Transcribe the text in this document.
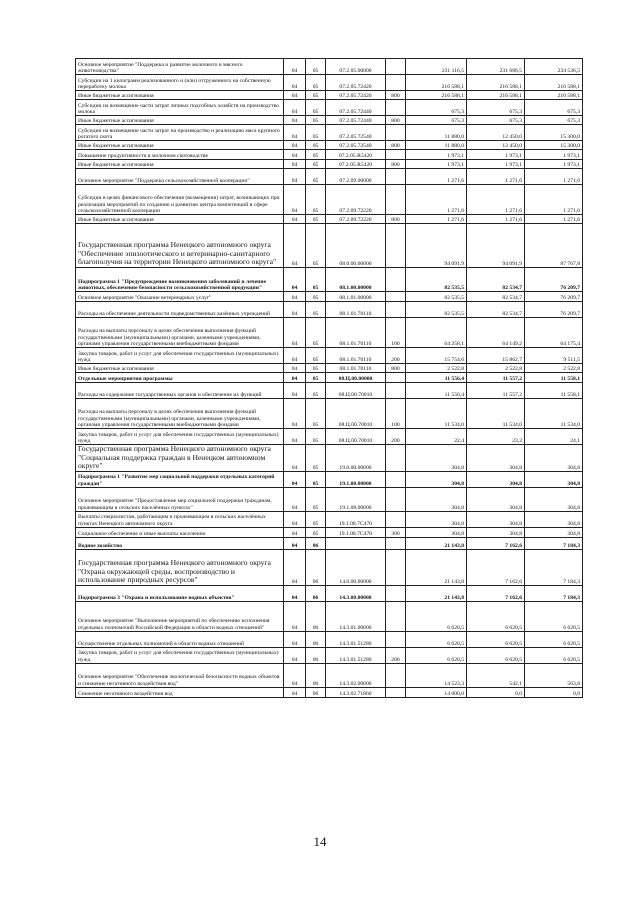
Основное мероприятие "Поддержка и развитие молочного и мясного животноводства"	04	05	07.2.05.00000		231 116,5	231 686,5	234 536,5
Субсидии на 1 килограмм реализованного и (или) отгруженного на собственную переработку молока	04	05	07.2.05.72420		216 588,1	216 588,1	216 588,1
Иные бюджетные ассигнования	04	05	07.2.05.72420	800	216 588,1	216 588,1	216 588,1
Субсидии на возмещение части затрат личных подсобных хозяйств на производство молока	04	05	07.2.05.72440		675,3	675,3	675,3
Иные бюджетные ассигнования	04	05	07.2.05.72440	800	675,3	675,3	675,3
Субсидии на возмещение части затрат на производство и реализацию мяса крупного рогатого скота	04	05	07.2.05.72540		11 880,0	12 450,0	15 300,0
Иные бюджетные ассигнования	04	05	07.2.05.72540	800	11 880,0	12 450,0	15 300,0
Повышение продуктивности в молочном скотоводстве	04	05	07.2.05.R5420		1 973,1	1 973,1	1 973,1
Иные бюджетные ассигнования	04	05	07.2.05.R5420	800	1 973,1	1 973,1	1 973,1
Основное мероприятие "Поддержка сельскохозяйственной кооперации"	04	05	07.2.09.00000		1 271,6	1 271,6	1 271,6
Субсидии в целях финансового обеспечения (возмещения) затрат, возникающих при реализации мероприятий по созданию и развитию центра компетенций в сфере сельскохозяйственной кооперации	04	05	07.2.09.72220		1 271,6	1 271,6	1 271,6
Иные бюджетные ассигнования	04	05	07.2.09.72220	800	1 271,6	1 271,6	1 271,6
Государственная программа Ненецкого автономного округа "Обеспечение эпизоотического и ветеринарно-санитарного благополучия на территории Ненецкого автономного округа"	04	05	08.0.00.00000		94 091,9	94 091,9	87 767,8
Подпрограмма 1 "Предупреждение возникновения заболеваний и лечение животных, обеспечение безопасности сельскохозяйственной продукции"	04	05	08.1.00.00000		82 535,5	82 534,7	76 209,7
Основное мероприятие "Оказание ветеринарных услуг"	04	05	08.1.01.00000		82 535,5	82 534,7	76 209,7
Расходы на обеспечение деятельности подведомственных казённых учреждений	04	05	08.1.01.70110		82 535,5	82 534,7	76 209,7
Расходы на выплаты персоналу в целях обеспечения выполнения функций государственными (муниципальными) органами, казенными учреждениями, органами управления государственными внебюджетными фондами	04	05	08.1.01.70110	100	64 258,1	64 149,2	64 175,4
Закупка товаров, работ и услуг для обеспечения государственных (муниципальных) нужд	04	05	08.1.01.70110	200	15 754,6	15 862,7	9 511,5
Иные бюджетные ассигнования	04	05	08.1.01.70110	800	2 522,8	2 522,8	2 522,8
Отдельные мероприятия программы	04	05	08.Ц.00.00000		11 556,4	11 557,2	11 558,1
Расходы на содержание государственных органов и обеспечение их функций	04	05	08.Ц.00.70010		11 556,4	11 557,2	11 558,1
Расходы на выплаты персоналу в целях обеспечения выполнения функций государственными (муниципальными) органами, казенными учреждениями, органами управления государственными внебюджетными фондами	04	05	08.Ц.00.70010	100	11 534,0	11 534,0	11 534,0
Закупка товаров, работ и услуг для обеспечения государственных (муниципальных) нужд	04	05	08.Ц.00.70010	200	22,4	23,2	24,1
Государственная программа Ненецкого автономного округа "Социальная поддержка граждан в Ненецком автономном округе"	04	05	19.0.00.00000		304,8	304,8	304,8
Подпрограмма 1 "Развитие мер социальной поддержки отдельных категорий граждан"	04	05	19.1.00.00000		304,8	304,8	304,8
Основное мероприятие "Предоставление мер социальной поддержки гражданам, проживающим в сельских населённых пунктах"	04	05	19.1.08.00000		304,8	304,8	304,8
Выплаты специалистам, работающим и проживающим в сельских населённых пунктах Ненецкого автономного округа	04	05	19.1.08.7С470		304,8	304,8	304,8
Социальное обеспечение и иные выплаты населению	04	05	19.1.08.7С470	300	304,8	304,8	304,8
Водное хозяйство	04	06			21 143,8	7 162,6	7 184,3
Государственная программа Ненецкого автономного округа "Охрана окружающей среды, воспроизводство и использование природных ресурсов"	04	06	14.0.00.00000		21 143,8	7 162,6	7 184,3
Подпрограмма 3 "Охрана и использование водных объектов"	04	06	14.3.00.00000		21 143,8	7 162,6	7 184,3
Основное мероприятие "Выполнение мероприятий по обеспечению исполнения отдельных полномочий Российской Федерации в области водных отношений"	04	06	14.3.01.00000		6 620,5	6 620,5	6 620,5
Осуществление отдельных полномочий в области водных отношений	04	06	14.3.01.51280		6 620,5	6 620,5	6 620,5
Закупка товаров, работ и услуг для обеспечения государственных (муниципальных) нужд	04	06	14.3.01.51280	200	6 620,5	6 620,5	6 620,5
Основное мероприятие "Обеспечение экологической безопасности водных объектов и снижение негативного воздействия вод"	04	06	14.3.02.00000		14 523,3	542,1	563,8
Снижение негативного воздействия вод	04	06	14.3.02.71860		14 000,0	0,0	0,0
14
